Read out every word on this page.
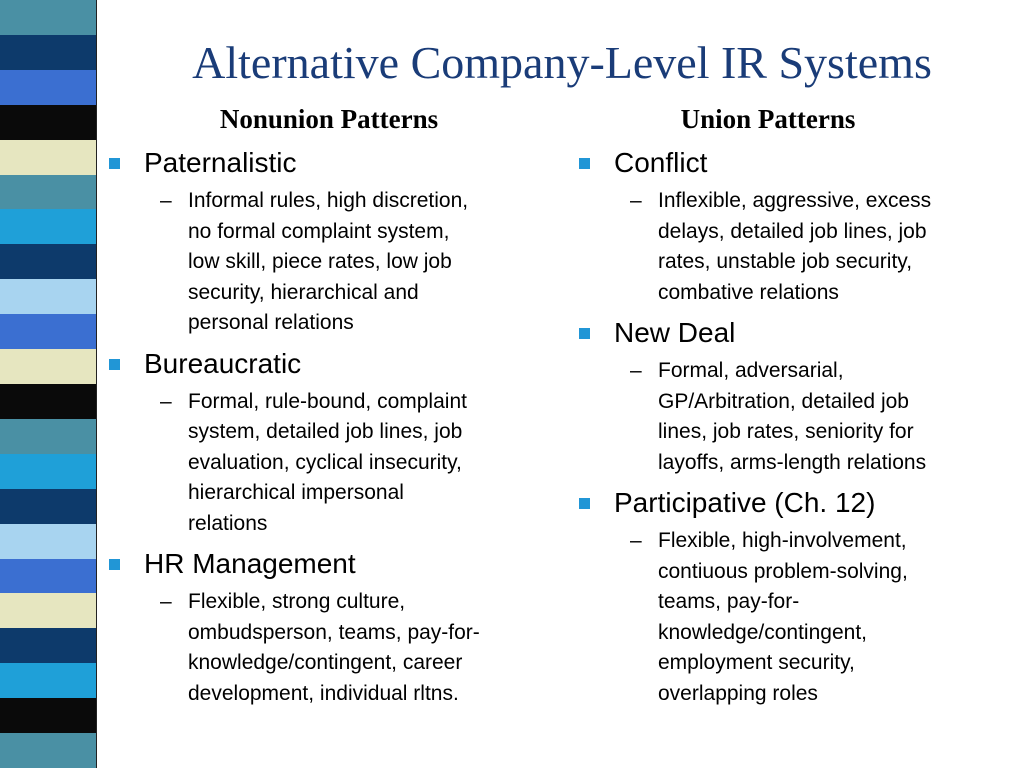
Alternative Company-Level IR Systems
Nonunion Patterns	Union Patterns
Paternalistic
– Informal rules, high discretion,
no formal complaint system,
low skill, piece rates, low job
security, hierarchical and
personal relations
Bureaucratic
– Formal, rule-bound, complaint
system, detailed job lines, job
evaluation, cyclical insecurity,
hierarchical impersonal
relations
HR Management
– Flexible, strong culture,
ombudsperson, teams, pay-for-
knowledge/contingent, career
development, individual rltns.
Conflict
– Inflexible, aggressive, excess
delays, detailed job lines, job
rates, unstable job security,
combative relations
New Deal
– Formal, adversarial,
GP/Arbitration, detailed job
lines, job rates, seniority for
layoffs, arms-length relations
Participative (Ch. 12)
– Flexible, high-involvement,
contiuous problem-solving,
teams, pay-for-
knowledge/contingent,
employment security,
overlapping roles
